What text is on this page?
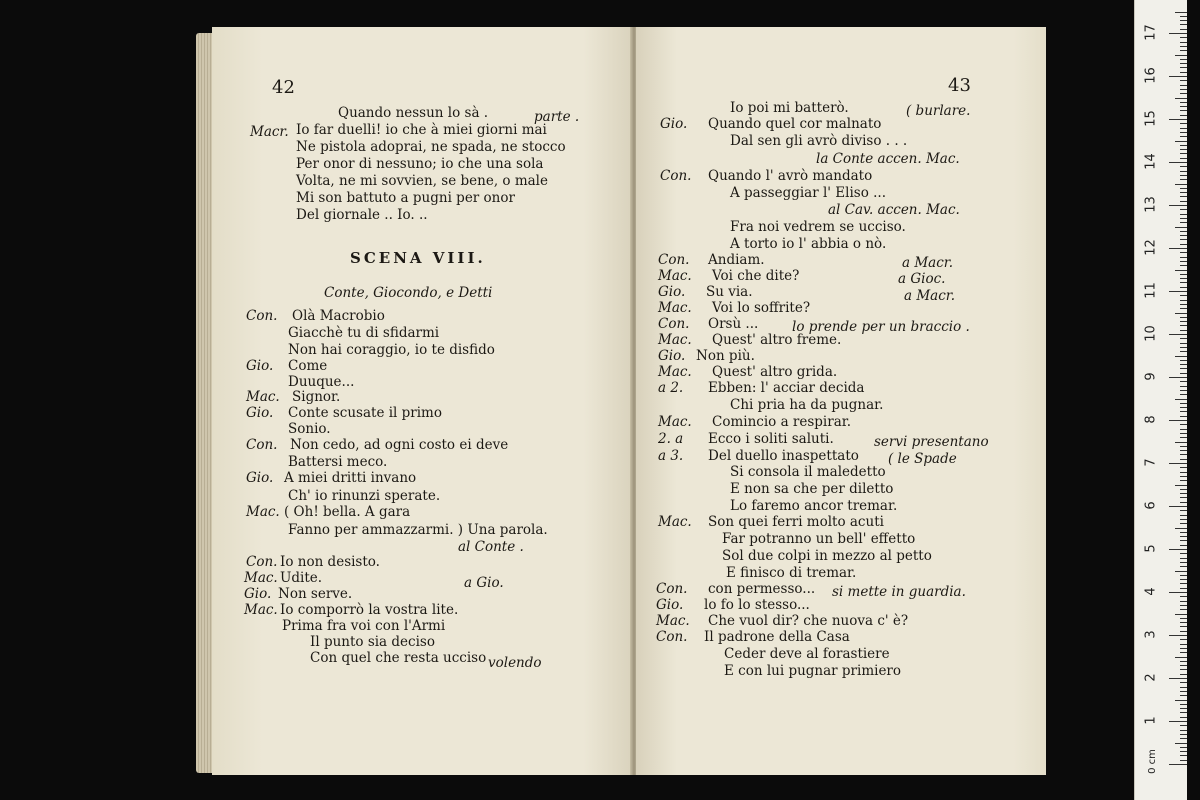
42
Quando nessun lo sà .	parte .
Macr. Io far duelli! io che à miei giorni mai
Ne pistola adoprai, ne spada, ne stocco
Per onor di nessuno; io che una sola
Volta, ne mi sovvien, se bene, o male
Mi son battuto a pugni per onor
Del giornale .. Io. ..
SCENA VIII.
Conte, Giocondo, e Detti
Con. Olà Macrobio
Giacchè tu di sfidarmi
Non hai coraggio, io te disfido
Gio. Come
Duuque...
Mac. Signor.
Gio. Conte scusate il primo
Sonio.
Con. Non cedo, ad ogni costo ei deve
Battersi meco.
Gio. A miei dritti invano
Ch' io rinunzi sperate.
Mac. ( Oh! bella. A gara
Fanno per ammazzarmi. ) Una parola.
al Conte .
Con. Io non desisto.
Mac. Udite.	a Gio.
Gio. Non serve.
Mac. Io comporrò la vostra lite.
Prima fra voi con l'Armi
Il punto sia deciso
Con quel che resta ucciso volendo
43
Io poi mi batterò.	( burlare.
Gio. Quando quel cor malnato
Dal sen gli avrò diviso . . .
la Conte accen. Mac.
Con. Quando l' avrò mandato
A passeggiar l' Eliso ...
al Cav. accen. Mac.
Fra noi vedrem se ucciso.
A torto io l' abbia o nò.
Con. Andiam.	a Macr.
Mac. Voi che dite?	a Gioc.
Gio. Su via.	a Macr.
Mac. Voi lo soffrite?
Con. Orsù ... lo prende per un braccio .
Mac. Quest' altro freme.
Gio. Non più.
Mac. Quest' altro grida.
a 2. Ebben: l' acciar decida
Chi pria ha da pugnar.
Mac. Comincio a respirar.
2. a Ecco i soliti saluti.	servi presentano
a 3. Del duello inaspettato ( le Spade
Si consola il maledetto
E non sa che per diletto
Lo faremo ancor tremar.
Mac. Son quei ferri molto acuti
Far potranno un bell' effetto
Sol due colpi in mezzo al petto
E finisco di tremar.
Con. con permesso... si mette in guardia.
Gio. lo fo lo stesso...
Mac. Che vuol dir? che nuova c' è?
Con. Il padrone della Casa
Ceder deve al forastiere
E con lui pugnar primiero
0 cm
1
2
3
4
5
6
7
8
9
10
11
12
13
14
15
16
17
